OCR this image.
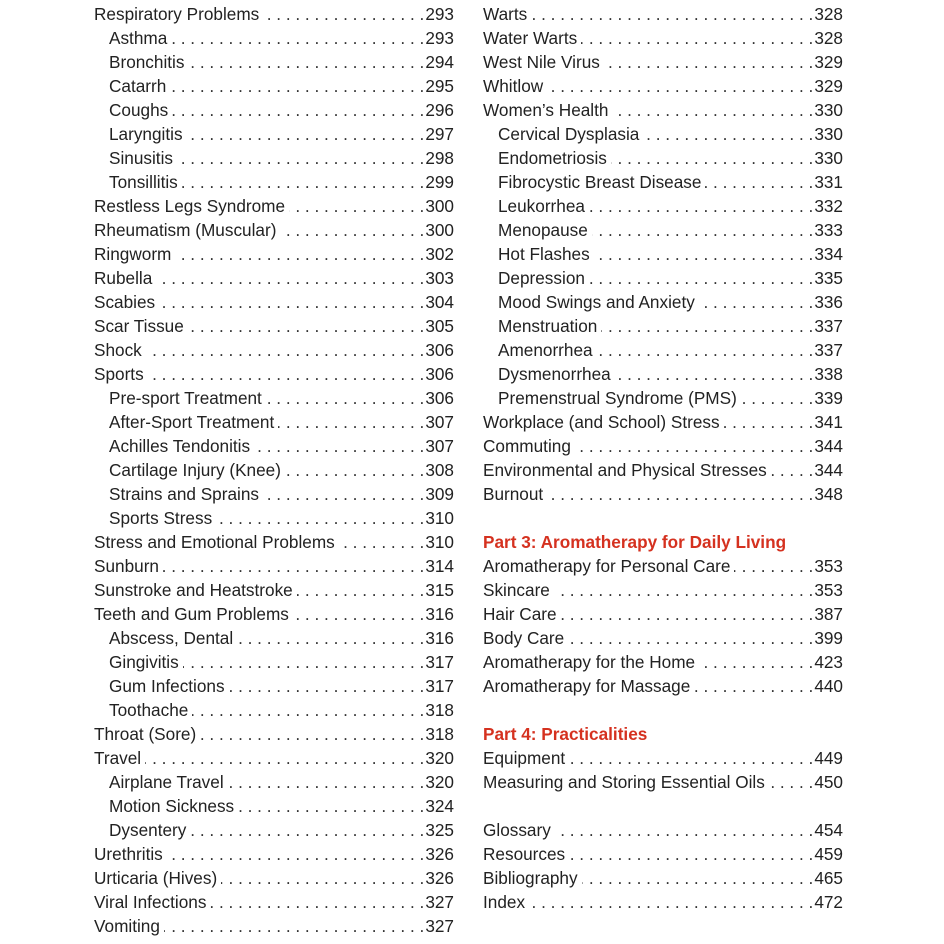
Respiratory Problems . . .	293
Asthma . . .	293
Bronchitis . . .	294
Catarrh . . .	295
Coughs . . .	296
Laryngitis . . .	297
Sinusitis . . .	298
Tonsillitis . . .	299
Restless Legs Syndrome . . .	300
Rheumatism (Muscular) . . .	300
Ringworm . . .	302
Rubella . . .	303
Scabies . . .	304
Scar Tissue . . .	305
Shock . . .	306
Sports . . .	306
Pre-sport Treatment . . .	306
After-Sport Treatment . . .	307
Achilles Tendonitis . . .	307
Cartilage Injury (Knee) . . .	308
Strains and Sprains . . .	309
Sports Stress . . .	310
Stress and Emotional Problems . . .	310
Sunburn . . .	314
Sunstroke and Heatstroke . . .	315
Teeth and Gum Problems . . .	316
Abscess, Dental . . .	316
Gingivitis . . .	317
Gum Infections . . .	317
Toothache . . .	318
Throat (Sore) . . .	318
Travel . . .	320
Airplane Travel . . .	320
Motion Sickness . . .	324
Dysentery . . .	325
Urethritis . . .	326
Urticaria (Hives) . . .	326
Viral Infections . . .	327
Vomiting . . .	327
Warts . . .	328
Water Warts . . .	328
West Nile Virus . . .	329
Whitlow . . .	329
Women’s Health . . .	330
Cervical Dysplasia . . .	330
Endometriosis . . .	330
Fibrocystic Breast Disease . . .	331
Leukorrhea . . .	332
Menopause . . .	333
Hot Flashes . . .	334
Depression . . .	335
Mood Swings and Anxiety . . .	336
Menstruation . . .	337
Amenorrhea . . .	337
Dysmenorrhea . . .	338
Premenstrual Syndrome (PMS) . . .	339
Workplace (and School) Stress . . .	341
Commuting . . .	344
Environmental and Physical Stresses . . .	344
Burnout . . .	348
Part 3: Aromatherapy for Daily Living
Aromatherapy for Personal Care . . .	353
Skincare . . .	353
Hair Care . . .	387
Body Care . . .	399
Aromatherapy for the Home . . .	423
Aromatherapy for Massage . . .	440
Part 4: Practicalities
Equipment . . .	449
Measuring and Storing Essential Oils . . .	450
Glossary . . .	454
Resources . . .	459
Bibliography . . .	465
Index . . .	472
